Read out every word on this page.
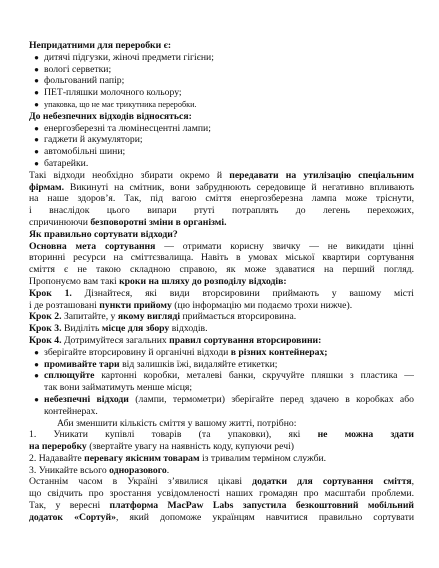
Непридатними для переробки є:
● дитячі підгузки, жіночі предмети гігієни;
● вологі серветки;
● фольгований папір;
● ПЕТ-пляшки молочного кольору;
● упаковка, що не має трикутника переробки.
До небезпечних відходів відносяться:
● енергозберезні та люмінесцентні лампи;
● гаджети й акумулятори;
● автомобільні шини;
● батарейки.
Такі відходи необхідно збирати окремо й передавати на утилізацію спеціальним
фірмам. Викинуті на смітник, вони забруднюють середовище й негативно впливають
на наше здоров’я. Так, під вагою сміття енергозберезна лампа може тріснути,
і внаслідок цього випари ртуті потраплять до легень перехожих,
спричинюючи безповоротні зміни в організмі.
Як правильно сортувати відходи?
Основна мета сортування — отримати корисну звичку — не викидати цінні
вторинні ресурси на сміттєзвалища. Навіть в умовах міської квартири сортування
сміття є не такою складною справою, як може здаватися на перший погляд.
Пропонуємо вам такі кроки на шляху до розподілу відходів:
Крок 1. Дізнайтеся, які види вторсировини приймають у вашому місті
і де розташовані пункти прийому (цю інформацію ми подаємо трохи нижче).
Крок 2. Запитайте, у якому вигляді приймається вторсировина.
Крок 3. Виділіть місце для збору відходів.
Крок 4. Дотримуйтеся загальних правил сортування вторсировини:
● зберігайте вторсировину й органічні відходи в різних контейнерах;
● промивайте тари від залишків їжі, видаляйте етикетки;
● сплющуйте картонні коробки, металеві банки, скручуйте пляшки з пластика —
так вони займатимуть менше місця;
● небезпечні відходи (лампи, термометри) зберігайте перед здачею в коробках або
контейнерах.
Аби зменшити кількість сміття у вашому житті, потрібно:
1. Уникати купівлі товарів (та упаковки), які не можна здати
на переробку (звертайте увагу на наявність коду, купуючи речі)
2. Надавайте перевагу якісним товарам із тривалим терміном служби.
3. Уникайте всього одноразового.
Останнім часом в Україні з’явилися цікаві додатки для сортування сміття,
що свідчить про зростання усвідомленості наших громадян про масштаби проблеми.
Так, у вересні платформа MacPaw Labs запустила безкоштовний мобільний
додаток «Сортуй», який допоможе українцям навчитися правильно сортувати
